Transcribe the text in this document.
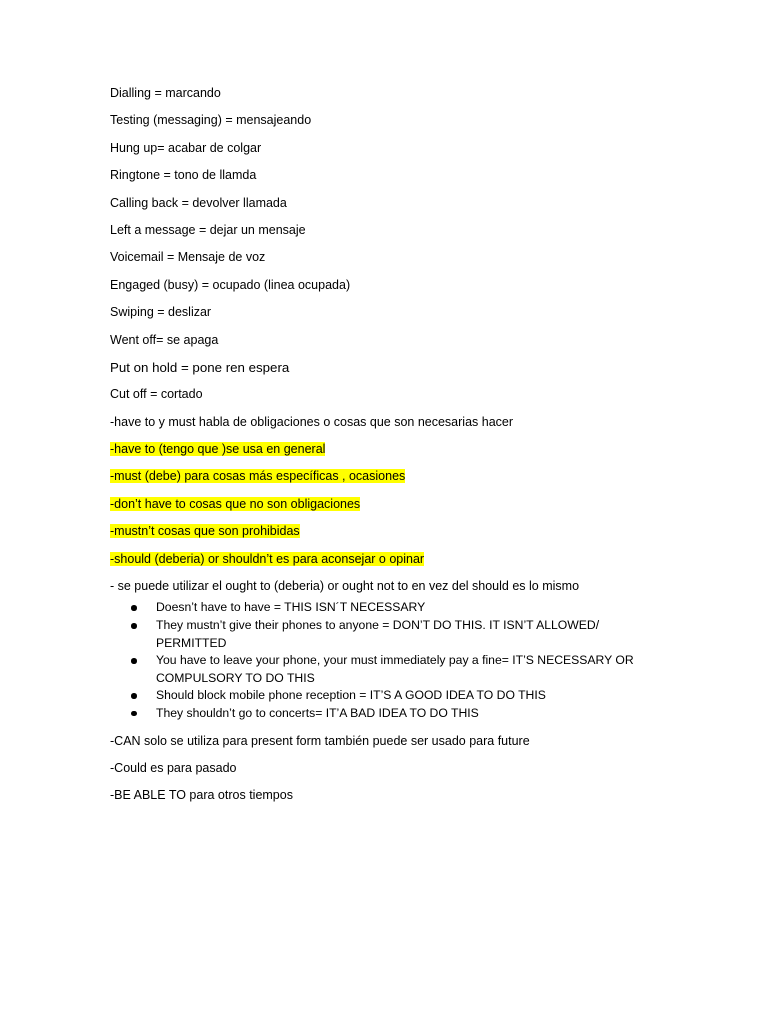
Dialling = marcando
Testing (messaging) = mensajeando
Hung up= acabar de colgar
Ringtone = tono de llamda
Calling back = devolver llamada
Left a message = dejar un mensaje
Voicemail = Mensaje de voz
Engaged (busy) = ocupado (linea ocupada)
Swiping = deslizar
Went off= se apaga
Put on hold = pone ren espera
Cut off = cortado
-have to y must habla de obligaciones o cosas que son necesarias hacer
-have to (tengo que )se usa en general
-must (debe) para cosas más específicas , ocasiones
-don’t have to cosas que no son obligaciones
-mustn’t cosas que son prohibidas
-should (deberia) or shouldn’t es para aconsejar o opinar
- se puede utilizar el ought to (deberia) or ought not to en vez del should es lo mismo
Doesn’t have to have = THIS ISN´T NECESSARY
They mustn’t give their phones to anyone = DON’T DO THIS. IT ISN’T ALLOWED/ PERMITTED
You have to leave your phone, your must immediately pay a fine= IT’S NECESSARY OR COMPULSORY TO DO THIS
Should block mobile phone reception = IT’S A GOOD IDEA TO DO THIS
They shouldn’t go to concerts= IT’A BAD IDEA TO DO THIS
-CAN solo se utiliza para present form también puede ser usado para future
-Could es para pasado
-BE ABLE TO para otros tiempos
